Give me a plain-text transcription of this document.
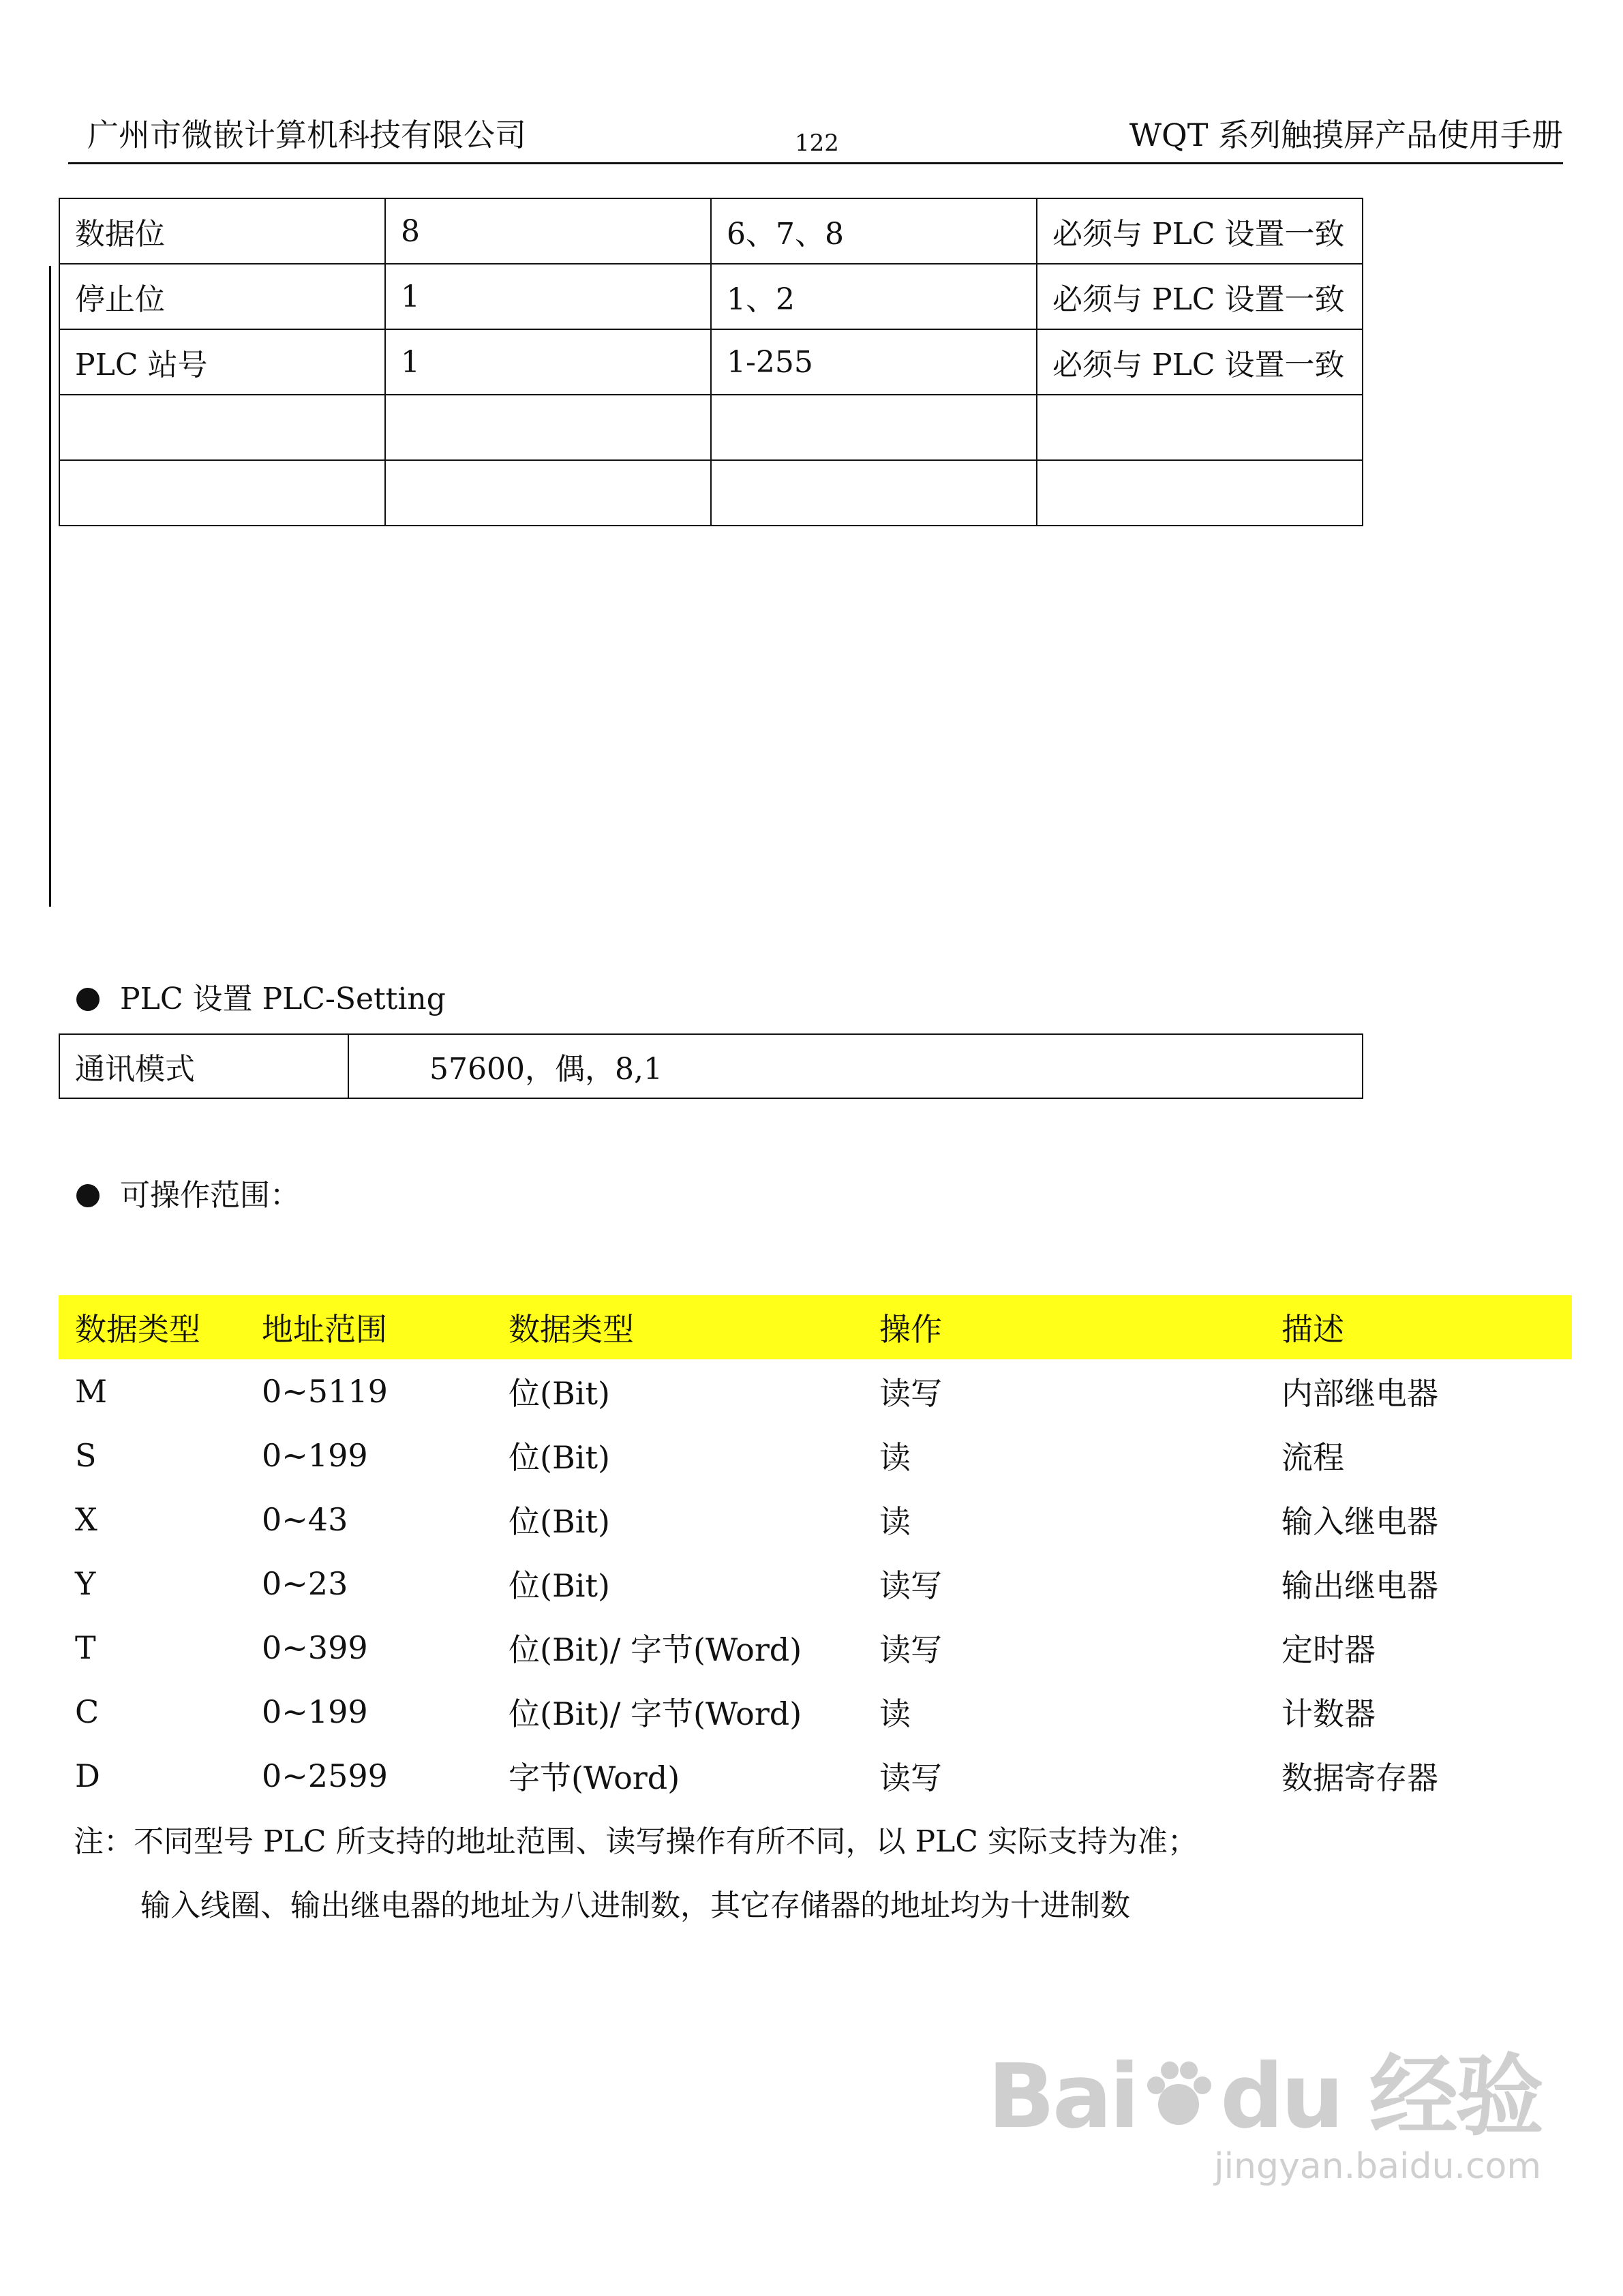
广州市微嵌计算机科技有限公司	122	WQT 系列触摸屏产品使用手册
数据位	8	6、7、8	必须与 PLC 设置一致
停止位	1	1、2	必须与 PLC 设置一致
PLC 站号	1	1-255	必须与 PLC 设置一致

PLC 设置 PLC-Setting
通讯模式	57600，偶，8,1
可操作范围：
数据类型	地址范围	数据类型	操作	描述
M	0~5119	位(Bit)	读写	内部继电器
S	0~199	位(Bit)	读	流程
X	0~43	位(Bit)	读	输入继电器
Y	0~23	位(Bit)	读写	输出继电器
T	0~399	位(Bit)/ 字节(Word)	读写	定时器
C	0~199	位(Bit)/ 字节(Word)	读	计数器
D	0~2599	字节(Word)	读写	数据寄存器
注：不同型号 PLC 所支持的地址范围、读写操作有所不同，以 PLC 实际支持为准；
输入线圈、输出继电器的地址为八进制数，其它存储器的地址均为十进制数
Bai du 经验
jingyan.baidu.com
